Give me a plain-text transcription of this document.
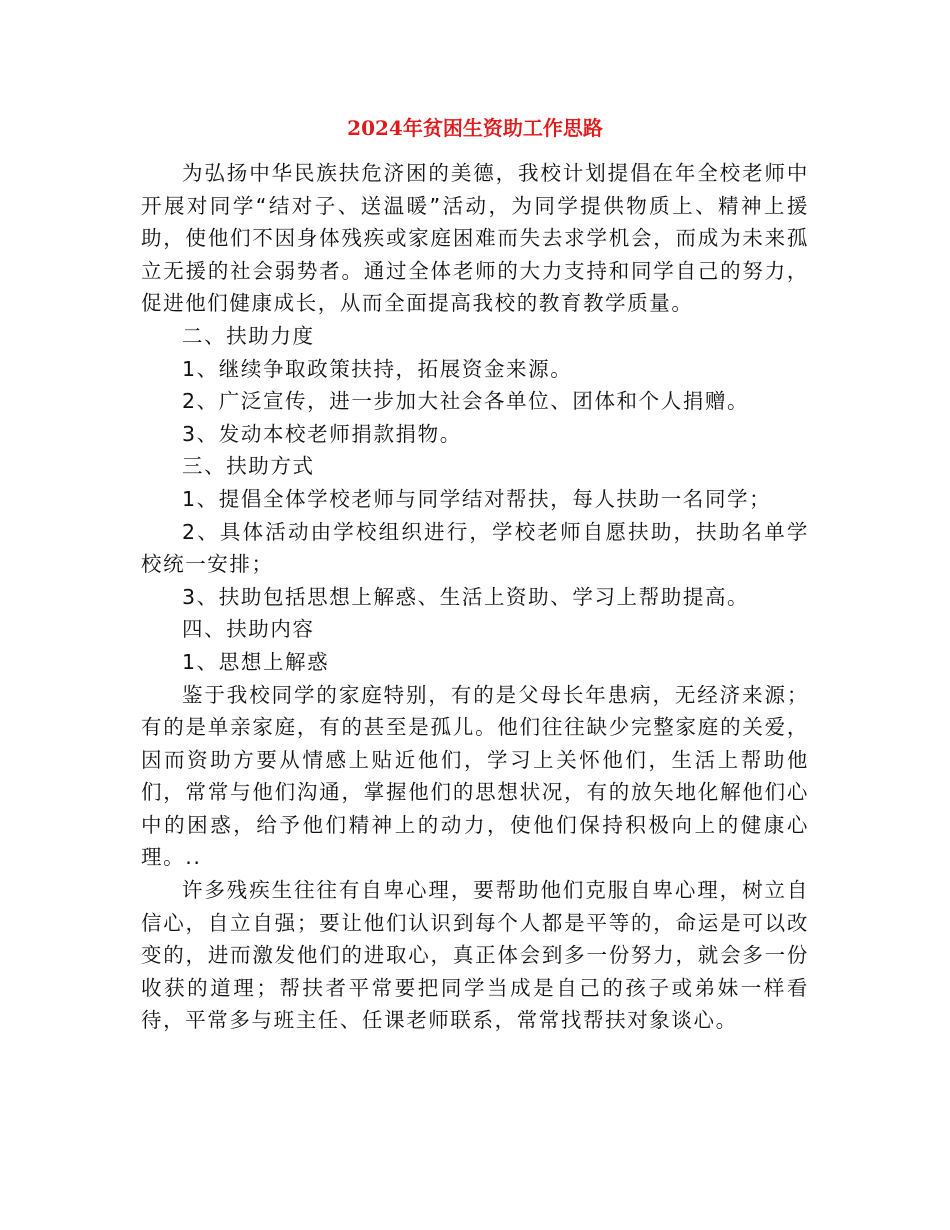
2024年贫困生资助工作思路

为弘扬中华民族扶危济困的美德，我校计划提倡在年全校老师中开展对同学“结对子、送温暖”活动，为同学提供物质上、精神上援助，使他们不因身体残疾或家庭困难而失去求学机会，而成为未来孤立无援的社会弱势者。通过全体老师的大力支持和同学自己的努力，促进他们健康成长，从而全面提高我校的教育教学质量。

二、扶助力度

1、继续争取政策扶持，拓展资金来源。

2、广泛宣传，进一步加大社会各单位、团体和个人捐赠。

3、发动本校老师捐款捐物。

三、扶助方式

1、提倡全体学校老师与同学结对帮扶，每人扶助一名同学；

2、具体活动由学校组织进行，学校老师自愿扶助，扶助名单学校统一安排；

3、扶助包括思想上解惑、生活上资助、学习上帮助提高。

四、扶助内容

1、思想上解惑

鉴于我校同学的家庭特别，有的是父母长年患病，无经济来源；有的是单亲家庭，有的甚至是孤儿。他们往往缺少完整家庭的关爱，因而资助方要从情感上贴近他们，学习上关怀他们，生活上帮助他们，常常与他们沟通，掌握他们的思想状况，有的放矢地化解他们心中的困惑，给予他们精神上的动力，使他们保持积极向上的健康心理。..

许多残疾生往往有自卑心理，要帮助他们克服自卑心理，树立自信心，自立自强；要让他们认识到每个人都是平等的，命运是可以改变的，进而激发他们的进取心，真正体会到多一份努力，就会多一份收获的道理；帮扶者平常要把同学当成是自己的孩子或弟妹一样看待，平常多与班主任、任课老师联系，常常找帮扶对象谈心。
